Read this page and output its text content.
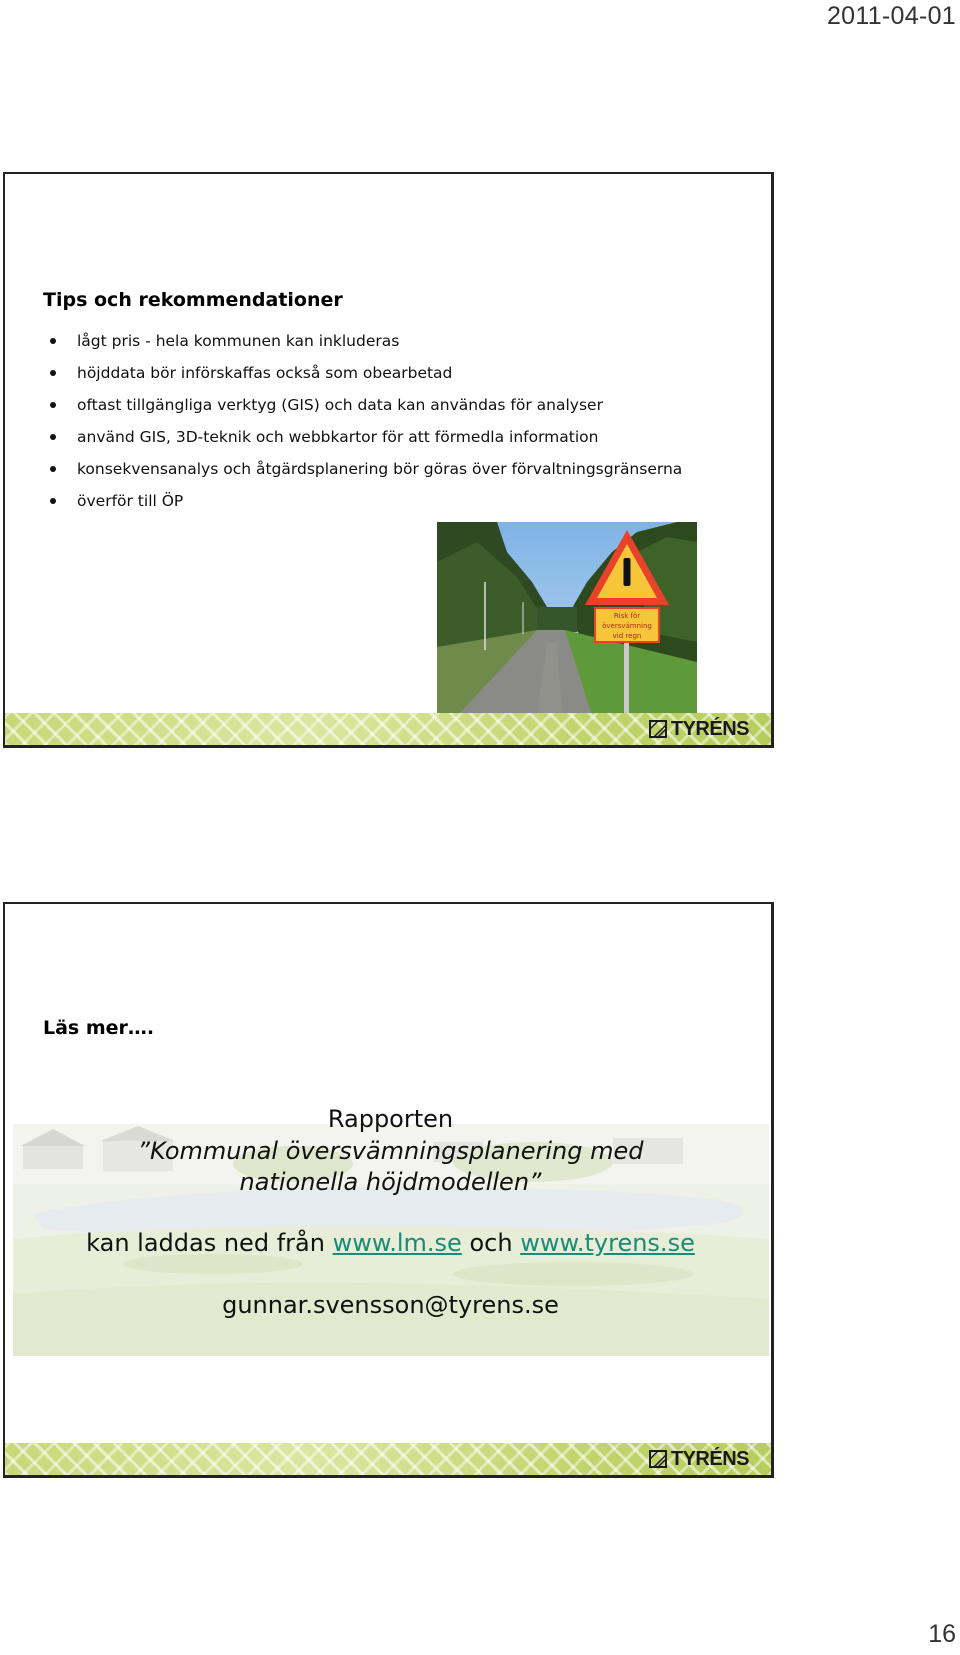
2011-04-01
Tips och rekommendationer
lågt pris - hela kommunen kan inkluderas
höjddata bör införskaffas också som obearbetad
oftast tillgängliga verktyg (GIS) och data kan användas för analyser
använd GIS, 3D-teknik och webbkartor för att förmedla information
konsekvensanalys och åtgärdsplanering bör göras över förvaltningsgränserna
överför till ÖP
Risk för
översvämning
vid regn
TYRÉNS
Läs mer….
Rapporten
”Kommunal översvämningsplanering med
nationella höjdmodellen”
kan laddas ned från www.lm.se och www.tyrens.se
gunnar.svensson@tyrens.se
TYRÉNS
16
